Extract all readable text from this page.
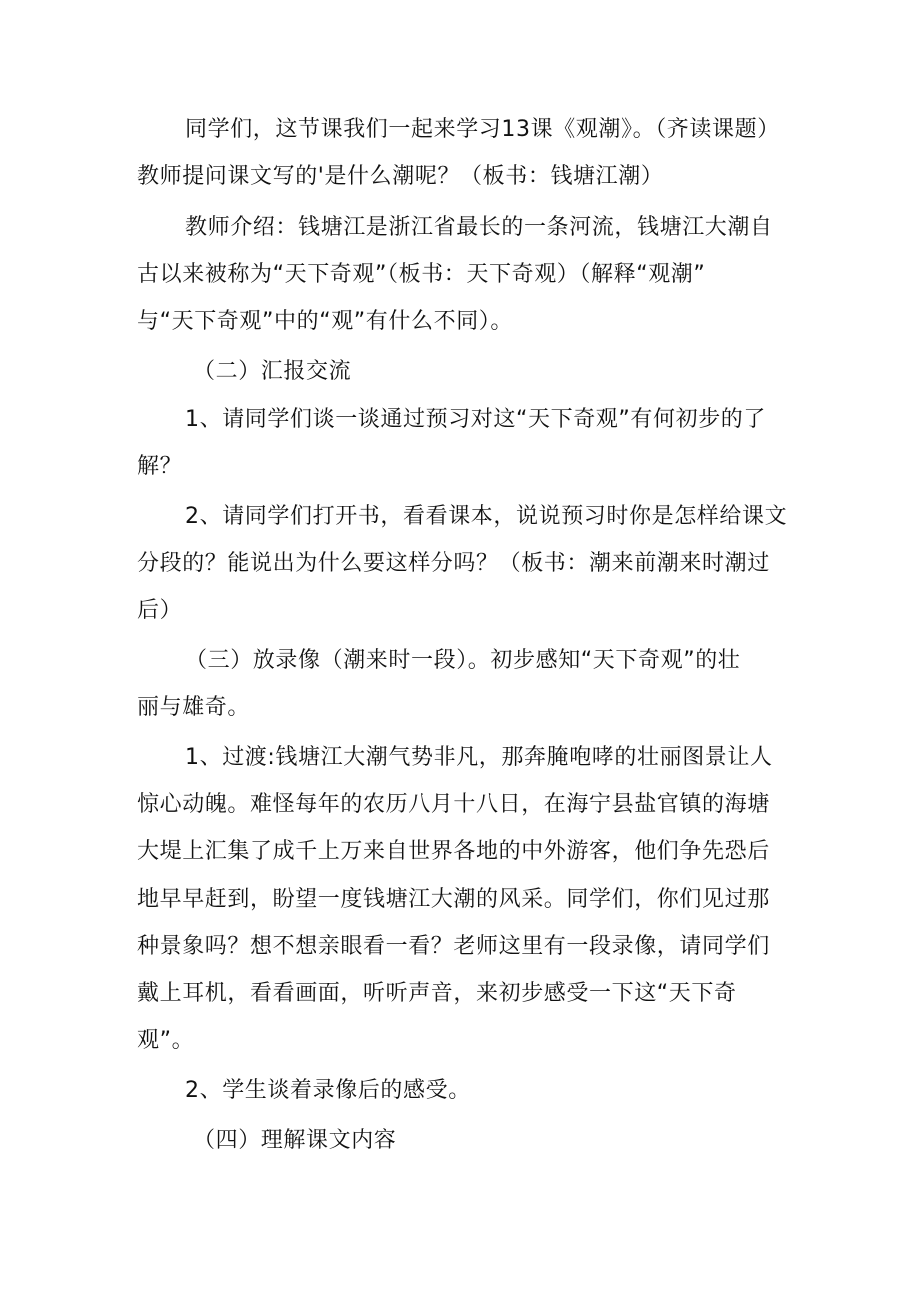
同学们，这节课我们一起来学习13课《观潮》。（齐读课题）
教师提问课文写的'是什么潮呢？（板书：钱塘江潮）
教师介绍：钱塘江是浙江省最长的一条河流，钱塘江大潮自
古以来被称为“天下奇观”（板书：天下奇观）（解释“观潮”
与“天下奇观”中的“观”有什么不同）。
（二）汇报交流
1、请同学们谈一谈通过预习对这“天下奇观”有何初步的了
解？
2、请同学们打开书，看看课本，说说预习时你是怎样给课文
分段的？能说出为什么要这样分吗？（板书：潮来前潮来时潮过
后）
（三）放录像（潮来时一段）。初步感知“天下奇观”的壮
丽与雄奇。
1、过渡:钱塘江大潮气势非凡，那奔腌咆哮的壮丽图景让人
惊心动魄。难怪每年的农历八月十八日，在海宁县盐官镇的海塘
大堤上汇集了成千上万来自世界各地的中外游客，他们争先恐后
地早早赶到，盼望一度钱塘江大潮的风采。同学们，你们见过那
种景象吗？想不想亲眼看一看？老师这里有一段录像，请同学们
戴上耳机，看看画面，听听声音，来初步感受一下这“天下奇
观”。
2、学生谈着录像后的感受。
（四）理解课文内容
